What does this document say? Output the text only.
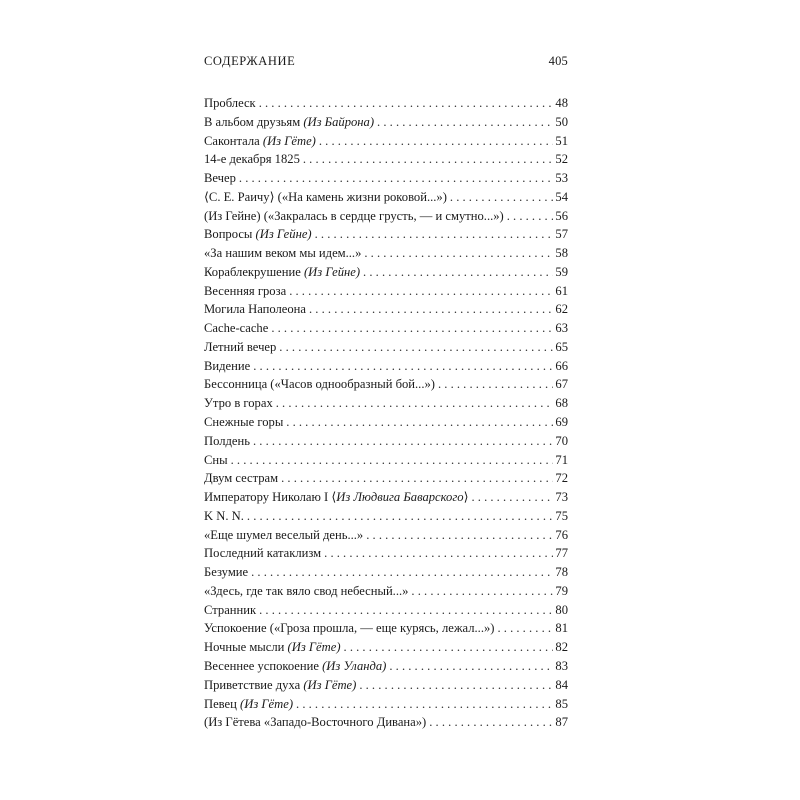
СОДЕРЖАНИЕ	405
Проблеск . . .	48
В альбом друзьям (Из Байрона) . . .	50
Саконтала (Из Гёте) . . .	51
14-е декабря 1825 . . .	52
Вечер . . .	53
⟨С. Е. Раичу⟩ («На камень жизни роковой...») . . .	54
(Из Гейне) («Закралась в сердце грусть, — и смутно...») . . .	56
Вопросы (Из Гейне) . . .	57
«За нашим веком мы идем...» . . .	58
Кораблекрушение (Из Гейне) . . .	59
Весенняя гроза . . .	61
Могила Наполеона . . .	62
Cache-cache . . .	63
Летний вечер . . .	65
Видение . . .	66
Бессонница («Часов однообразный бой...») . . .	67
Утро в горах . . .	68
Снежные горы . . .	69
Полдень . . .	70
Сны . . .	71
Двум сестрам . . .	72
Императору Николаю I ⟨Из Людвига Баварского⟩ . . .	73
K N. N. . . .	75
«Еще шумел веселый день...» . . .	76
Последний катаклизм . . .	77
Безумие . . .	78
«Здесь, где так вяло свод небесный...» . . .	79
Странник . . .	80
Успокоение («Гроза прошла, — еще курясь, лежал...») . . .	81
Ночные мысли (Из Гёте) . . .	82
Весеннее успокоение (Из Уланда) . . .	83
Приветствие духа (Из Гёте) . . .	84
Певец (Из Гёте) . . .	85
(Из Гётева «Западо-Восточного Дивана») . . .	87
